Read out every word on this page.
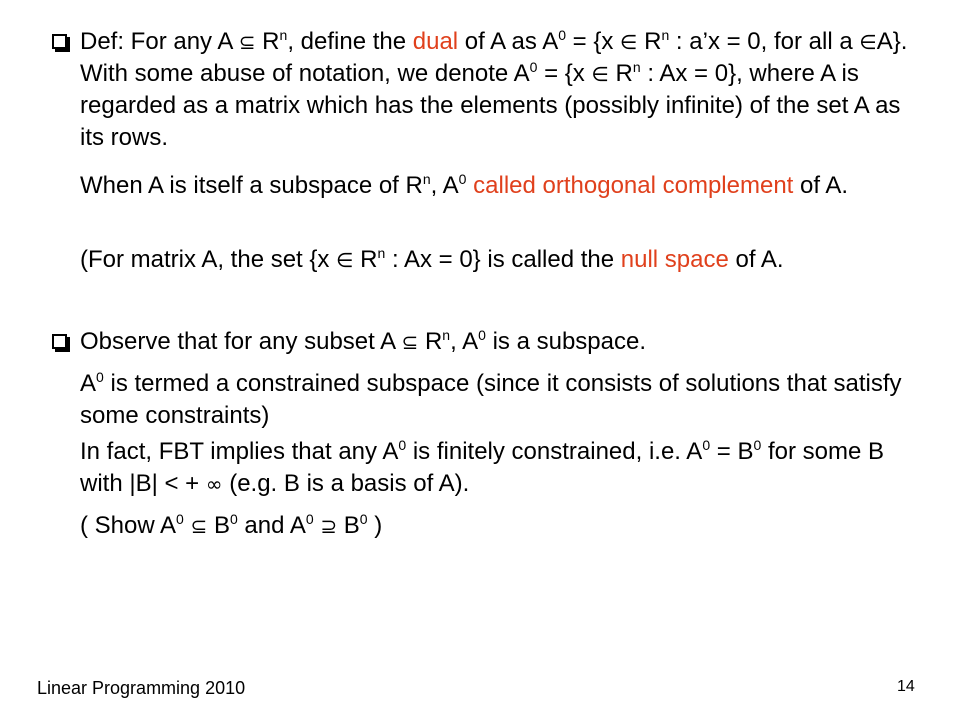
Def: For any A ⊆ $R^n$, define the dual of A as $A^0 = \{x$ ∈ $R^n$ : a’x = 0, for all a ∈A}. With some abuse of notation, we denote $A^0 = \{x$ ∈ $R^n$ : Ax = 0}, where A is regarded as a matrix which has the elements (possibly infinite) of the set A as its rows.
When A is itself a subspace of $R^n$, $A^0$ called orthogonal complement of A.
(For matrix A, the set {x ∈ $R^n$ : Ax = 0} is called the null space of A.
Observe that for any subset A ⊆ $R^n$, $A^0$ is a subspace.
$A^0$ is termed a constrained subspace (since it consists of solutions that satisfy some constraints)
In fact, FBT implies that any $A^0$ is finitely constrained, i.e. $A^0 = B^0$ for some B with |B| < + ∞ (e.g. B is a basis of A).
( Show $A^0$ ⊆ $B^0$ and $A^0$ ⊇ $B^0$ )
Linear Programming 2010	14
